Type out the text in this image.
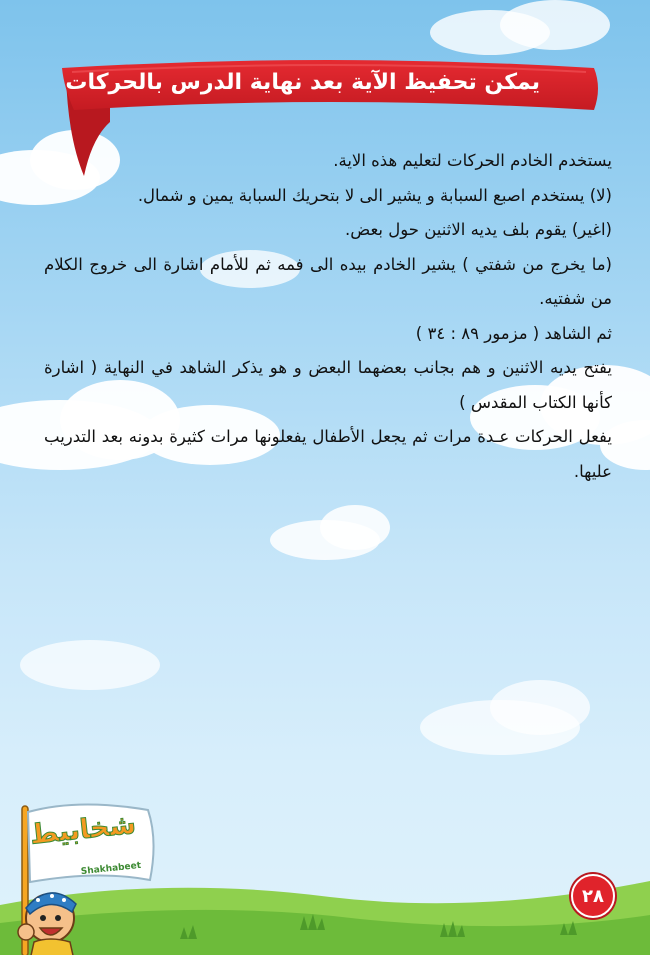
يمكن تحفيظ الآية بعد نهاية الدرس بالحركات

يستخدم الخادم الحركات لتعليم هذه الاية.

(لا) يستخدم اصبع السبابة و يشير الى لا بتحريك السبابة يمين و شمال.

(اغير) يقوم بلف يديه الاثنين حول بعض.

(ما يخرج من شفتي ) يشير الخادم بيده الى فمه ثم للأمام اشارة الى خروج الكلام من شفتيه.

ثم الشاهد ( مزمور ٨٩ : ٣٤ )

يفتح يديه الاثنين و هم بجانب بعضهما البعض و هو يذكر الشاهد في النهاية ( اشارة كأنها الكتاب المقدس )

يفعل الحركات عـدة مرات ثم يجعل الأطفال يفعلونها مرات كثيرة بدونه بعد التدريب عليها.

شخابيط
Shakhabeet
٢٨
